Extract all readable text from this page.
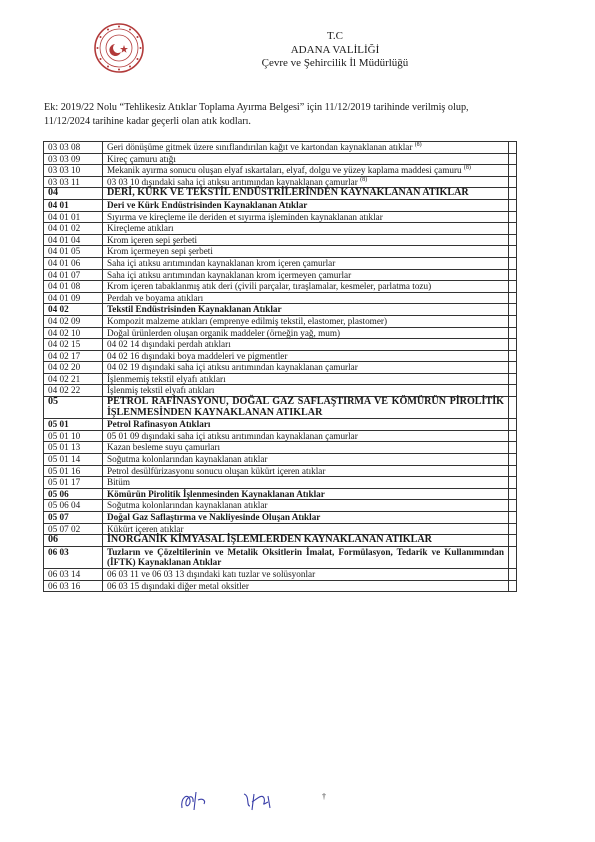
T.C
ADANA VALİLİĞİ
Çevre ve Şehircilik İl Müdürlüğü
Ek: 2019/22 Nolu “Tehlikesiz Atıklar Toplama Ayırma Belgesi” için 11/12/2019 tarihinde verilmiş olup,
11/12/2024 tarihine kadar geçerli olan atık kodları.
03 03 08	Geri dönüşüme gitmek üzere sınıflandırılan kağıt ve kartondan kaynaklanan atıklar $^{(8)}$	
03 03 09	Kireç çamuru atığı	
03 03 10	Mekanik ayırma sonucu oluşan elyaf ıskartaları, elyaf, dolgu ve yüzey kaplama maddesi çamuru $^{(8)}$	
03 03 11	03 03 10 dışındaki saha içi atıksu arıtımından kaynaklanan çamurlar $^{(8)}$	
04	DERİ, KÜRK VE TEKSTİL ENDÜSTRİLERİNDEN KAYNAKLANAN ATIKLAR	
04 01	Deri ve Kürk Endüstrisinden Kaynaklanan Atıklar	
04 01 01	Sıyırma ve kireçleme ile deriden et sıyırma işleminden kaynaklanan atıklar	
04 01 02	Kireçleme atıkları	
04 01 04	Krom içeren sepi şerbeti	
04 01 05	Krom içermeyen sepi şerbeti	
04 01 06	Saha içi atıksu arıtımından kaynaklanan krom içeren çamurlar	
04 01 07	Saha içi atıksu arıtımından kaynaklanan krom içermeyen çamurlar	
04 01 08	Krom içeren tabaklanmış atık deri (çivili parçalar, tıraşlamalar, kesmeler, parlatma tozu)	
04 01 09	Perdah ve boyama atıkları	
04 02	Tekstil Endüstrisinden Kaynaklanan Atıklar	
04 02 09	Kompozit malzeme atıkları (emprenye edilmiş tekstil, elastomer, plastomer)	
04 02 10	Doğal ürünlerden oluşan organik maddeler (örneğin yağ, mum)	
04 02 15	04 02 14 dışındaki perdah atıkları	
04 02 17	04 02 16 dışındaki boya maddeleri ve pigmentler	
04 02 20	04 02 19 dışındaki saha içi atıksu arıtımından kaynaklanan çamurlar	
04 02 21	İşlenmemiş tekstil elyafı atıkları	
04 02 22	İşlenmiş tekstil elyafı atıkları	
05	PETROL RAFİNASYONU, DOĞAL GAZ SAFLAŞTIRMA VE KÖMÜRÜN PİROLİTİK İŞLENMESİNDEN KAYNAKLANAN ATIKLAR	
05 01	Petrol Rafinasyon Atıkları	
05 01 10	05 01 09 dışındaki saha içi atıksu arıtımından kaynaklanan çamurlar	
05 01 13	Kazan besleme suyu çamurları	
05 01 14	Soğutma kolonlarından kaynaklanan atıklar	
05 01 16	Petrol desülfürizasyonu sonucu oluşan kükürt içeren atıklar	
05 01 17	Bitüm	
05 06	Kömürün Pirolitik İşlenmesinden Kaynaklanan Atıklar	
05 06 04	Soğutma kolonlarından kaynaklanan atıklar	
05 07	Doğal Gaz Saflaştırma ve Nakliyesinde Oluşan Atıklar	
05 07 02	Kükürt içeren atıklar	
06	İNORGANİK KİMYASAL İŞLEMLERDEN KAYNAKLANAN ATIKLAR	
06 03	Tuzların ve Çözeltilerinin ve Metalik Oksitlerin İmalat, Formülasyon, Tedarik ve Kullanımından (İFTK) Kaynaklanan Atıklar	
06 03 14	06 03 11 ve 06 03 13 dışındaki katı tuzlar ve solüsyonlar	
06 03 16	06 03 15 dışındaki diğer metal oksitler	
†
